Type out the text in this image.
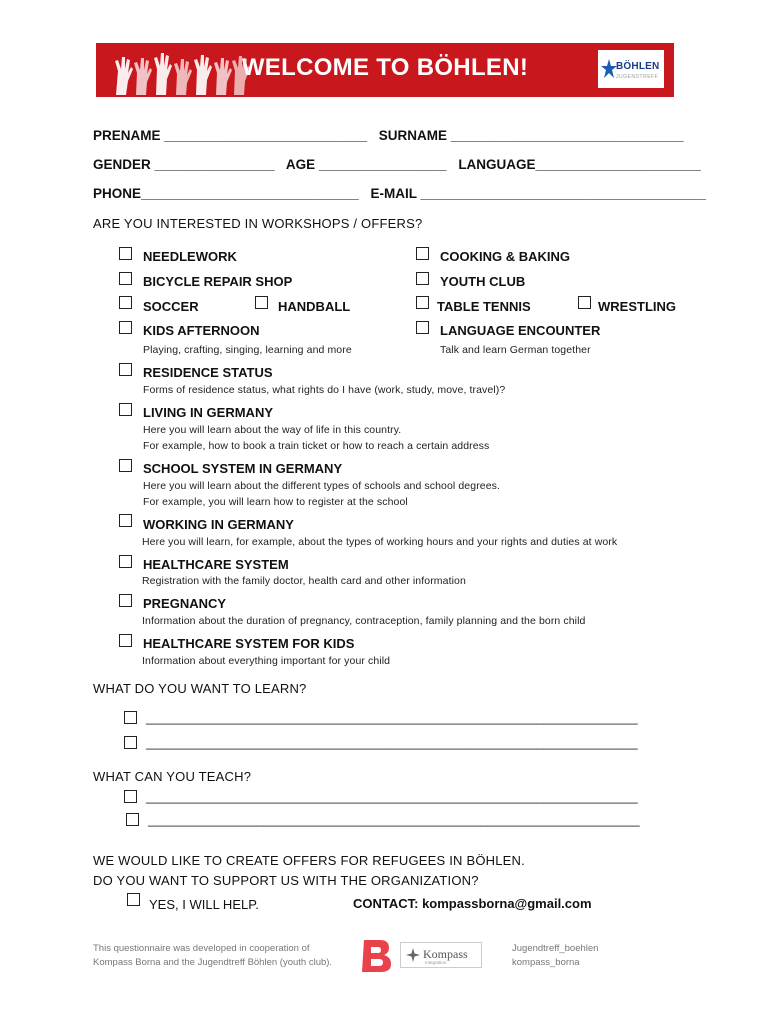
WELCOME TO BÖHLEN!	BÖHLEN
JUGENDTREFF
PRENAME ___________________________ SURNAME _______________________________
GENDER ________________ AGE _________________ LANGUAGE______________________
PHONE_____________________________ E-MAIL ______________________________________
ARE YOU INTERESTED IN WORKSHOPS / OFFERS?
NEEDLEWORK	COOKING & BAKING
BICYCLE REPAIR SHOP	YOUTH CLUB
SOCCER	HANDBALL	TABLE TENNIS	WRESTLING
KIDS AFTERNOON
Playing, crafting, singing, learning and more
LANGUAGE ENCOUNTER
Talk and learn German together
RESIDENCE STATUS
Forms of residence status, what rights do I have (work, study, move, travel)?
LIVING IN GERMANY
Here you will learn about the way of life in this country.
For example, how to book a train ticket or how to reach a certain address
SCHOOL SYSTEM IN GERMANY
Here you will learn about the different types of schools and school degrees.
For example, you will learn how to register at the school
WORKING IN GERMANY
Here you will learn, for example, about the types of working hours and your rights and duties at work
HEALTHCARE SYSTEM
Registration with the family doctor, health card and other information
PREGNANCY
Information about the duration of pregnancy, contraception, family planning and the born child
HEALTHCARE SYSTEM FOR KIDS
Information about everything important for your child
WHAT DO YOU WANT TO LEARN?
____________________________________________________________________
____________________________________________________________________
WHAT CAN YOU TEACH?
____________________________________________________________________
____________________________________________________________________
WE WOULD LIKE TO CREATE OFFERS FOR REFUGEES IN BÖHLEN.
DO YOU WANT TO SUPPORT US WITH THE ORGANIZATION?
YES, I WILL HELP.	CONTACT: kompassborna@gmail.com
This questionnaire was developed in cooperation of
Kompass Borna and the Jugendtreff Böhlen (youth club).
Kompass
Integration
Jugendtreff_boehlen
kompass_borna
